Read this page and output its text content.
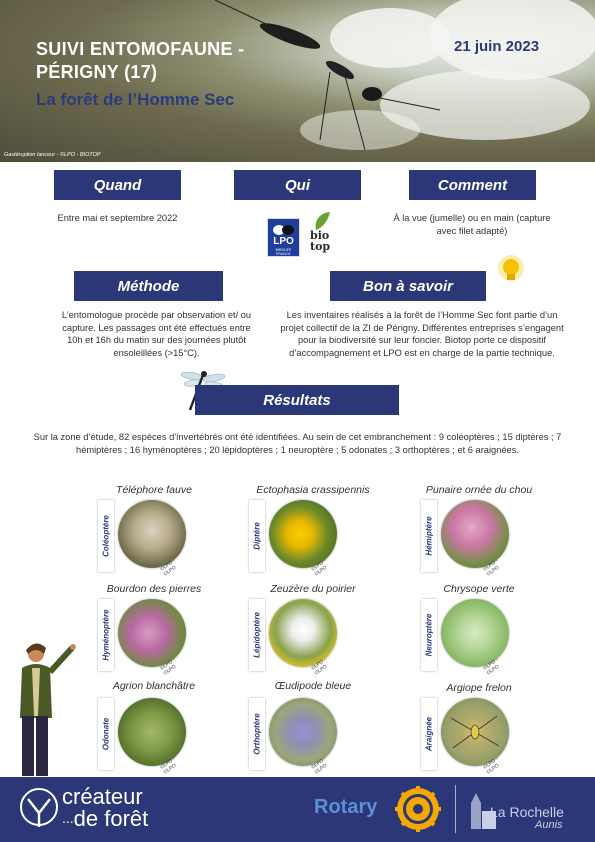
SUIVI ENTOMOFAUNE -
PÉRIGNY (17)
La forêt de l’Homme Sec
21 juin 2023
Gastéruption lanceur - ©LPO - BIOTOP
Quand
Entre mai et septembre 2022
Qui
LPO
BIRDLIFE FRANCE
bio top
Comment
À la vue (jumelle) ou en main (capture avec filet adapté)
Méthode
L’entomologue procède par observation et/ ou capture. Les passages ont été effectués entre 10h et 16h du matin sur des journées plutôt ensoleillées (>15°C).
Bon à savoir
Les inventaires réalisés à la forêt de l’Homme Sec font partie d’un projet collectif de la ZI de Périgny. Différentes entreprises s’engagent pour la biodiversité sur leur foncier. Biotop porte ce dispositif d’accompagnement et LPO est en charge de la partie technique.
Résultats
Sur la zone d’étude, 82 espèces d’invertébrés ont été identifiées. Au sein de cet embranchement : 9 coléoptères ; 15 diptères ; 7 hémiptères ; 16 hyménoptères ; 20 lépidoptères ; 1 neuroptère ; 5 odonates ; 3 orthoptères ; et 6 araignées.
Téléphore fauve
Coléoptère
©LPO - ©LPO
Ectophasia crassipennis
Diptère
©LPO - ©LPO
Punaire ornée du chou
Hémiptère
©LPO - ©LPO
Bourdon des pierres
Hyménoptère
©LPO - ©LPO
Zeuzère du poirier
Lépidoptère
©LPO - ©LPO
Chrysope verte
Neuroptère
©LPO - ©LPO
Agrion blanchâtre
Odonate
©LPO - ©LPO
Œudipode bleue
Orthoptère
©LPO - ©LPO
Argiope frelon
Araignée
©LPO - ©LPO
créateur
...de forêt	Rotary	La Rochelle
Aunis
